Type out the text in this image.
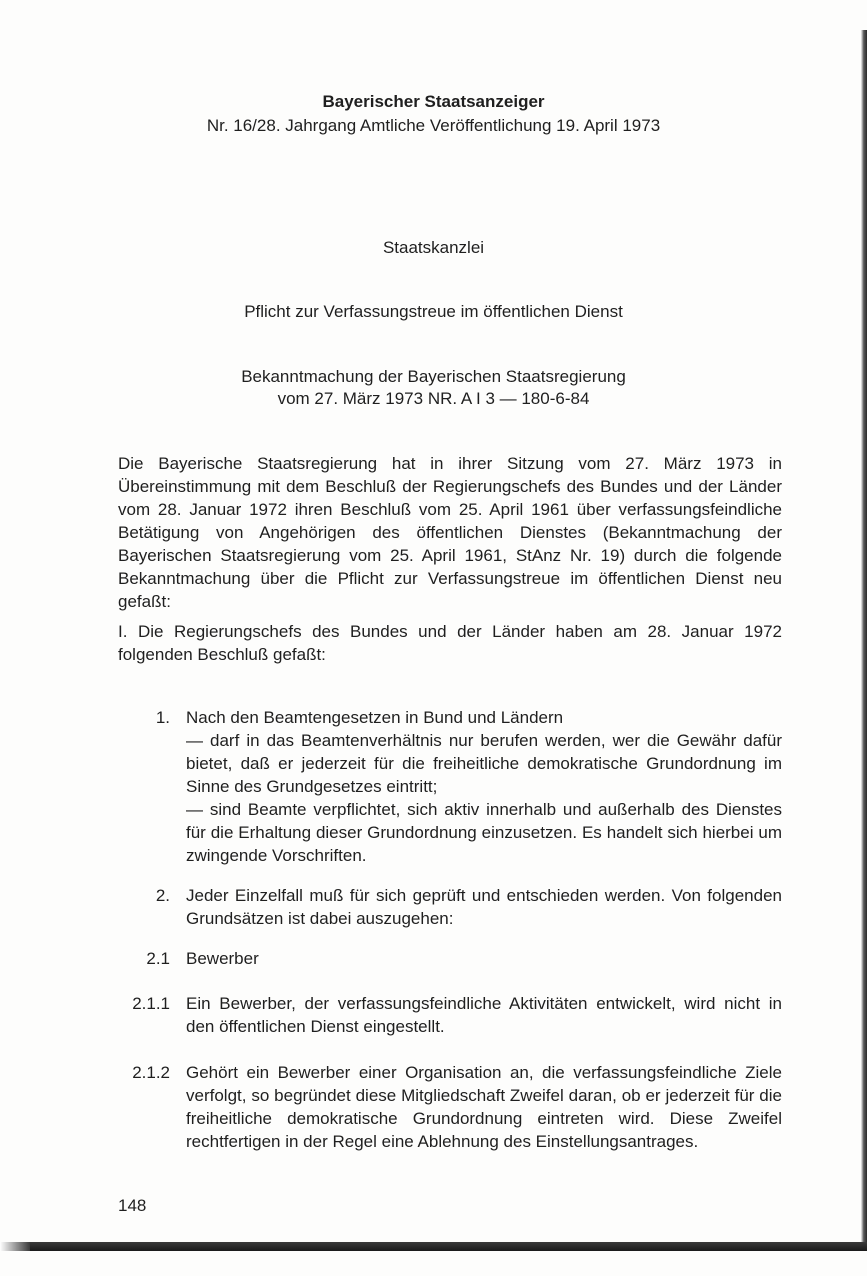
Bayerischer Staatsanzeiger
Nr. 16/28. Jahrgang Amtliche Veröffentlichung 19. April 1973
Staatskanzlei
Pflicht zur Verfassungstreue im öffentlichen Dienst
Bekanntmachung der Bayerischen Staatsregierung
vom 27. März 1973 NR. A I 3 — 180-6-84

Die Bayerische Staatsregierung hat in ihrer Sitzung vom 27. März 1973 in Übereinstimmung mit dem Beschluß der Regierungschefs des Bundes und der Länder vom 28. Januar 1972 ihren Beschluß vom 25. April 1961 über verfassungsfeindliche Betätigung von Angehörigen des öffentlichen Dienstes (Bekanntmachung der Bayerischen Staatsregierung vom 25. April 1961, StAnz Nr. 19) durch die folgende Bekanntmachung über die Pflicht zur Verfassungstreue im öffentlichen Dienst neu gefaßt:

I. Die Regierungschefs des Bundes und der Länder haben am 28. Januar 1972 folgenden Beschluß gefaßt:

1. Nach den Beamtengesetzen in Bund und Ländern

— darf in das Beamtenverhältnis nur berufen werden, wer die Gewähr dafür bietet, daß er jederzeit für die freiheitliche demokratische Grundordnung im Sinne des Grundgesetzes eintritt;

— sind Beamte verpflichtet, sich aktiv innerhalb und außerhalb des Dienstes für die Erhaltung dieser Grundordnung einzusetzen. Es handelt sich hierbei um zwingende Vorschriften.

2. Jeder Einzelfall muß für sich geprüft und entschieden werden. Von folgenden Grundsätzen ist dabei auszugehen:

2.1 Bewerber

2.1.1 Ein Bewerber, der verfassungsfeindliche Aktivitäten entwickelt, wird nicht in den öffentlichen Dienst eingestellt.

2.1.2 Gehört ein Bewerber einer Organisation an, die verfassungsfeindliche Ziele verfolgt, so begründet diese Mitgliedschaft Zweifel daran, ob er jederzeit für die freiheitliche demokratische Grundordnung eintreten wird. Diese Zweifel rechtfertigen in der Regel eine Ablehnung des Einstellungsantrages.

148
